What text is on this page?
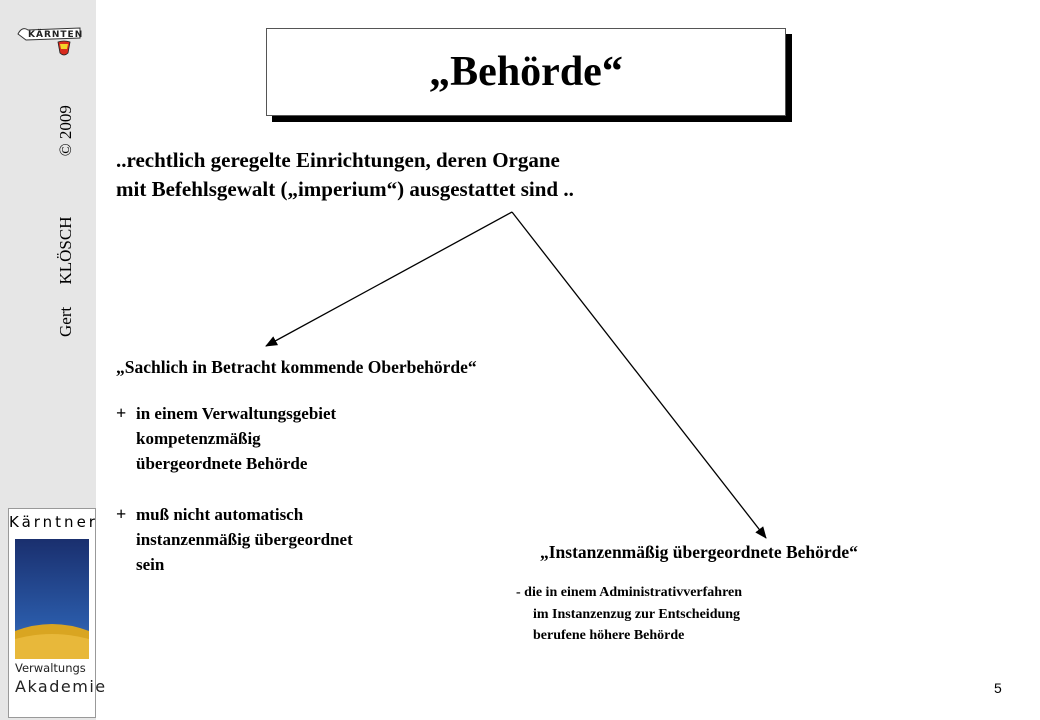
KÄRNTEN
Gert KLÖSCH © 2009
Kärntner
Verwaltungs
Akademie
„Behörde“
..rechtlich geregelte Einrichtungen, deren Organe
mit Befehlsgewalt („imperium“) ausgestattet sind ..
„Sachlich in Betracht kommende Oberbehörde“
+ in einem Verwaltungsgebiet
kompetenzmäßig
übergeordnete Behörde
+ muß nicht automatisch
instanzenmäßig übergeordnet
sein
„Instanzenmäßig übergeordnete Behörde“
- die in einem Administrativverfahren
im Instanzenzug zur Entscheidung
berufene höhere Behörde
5
